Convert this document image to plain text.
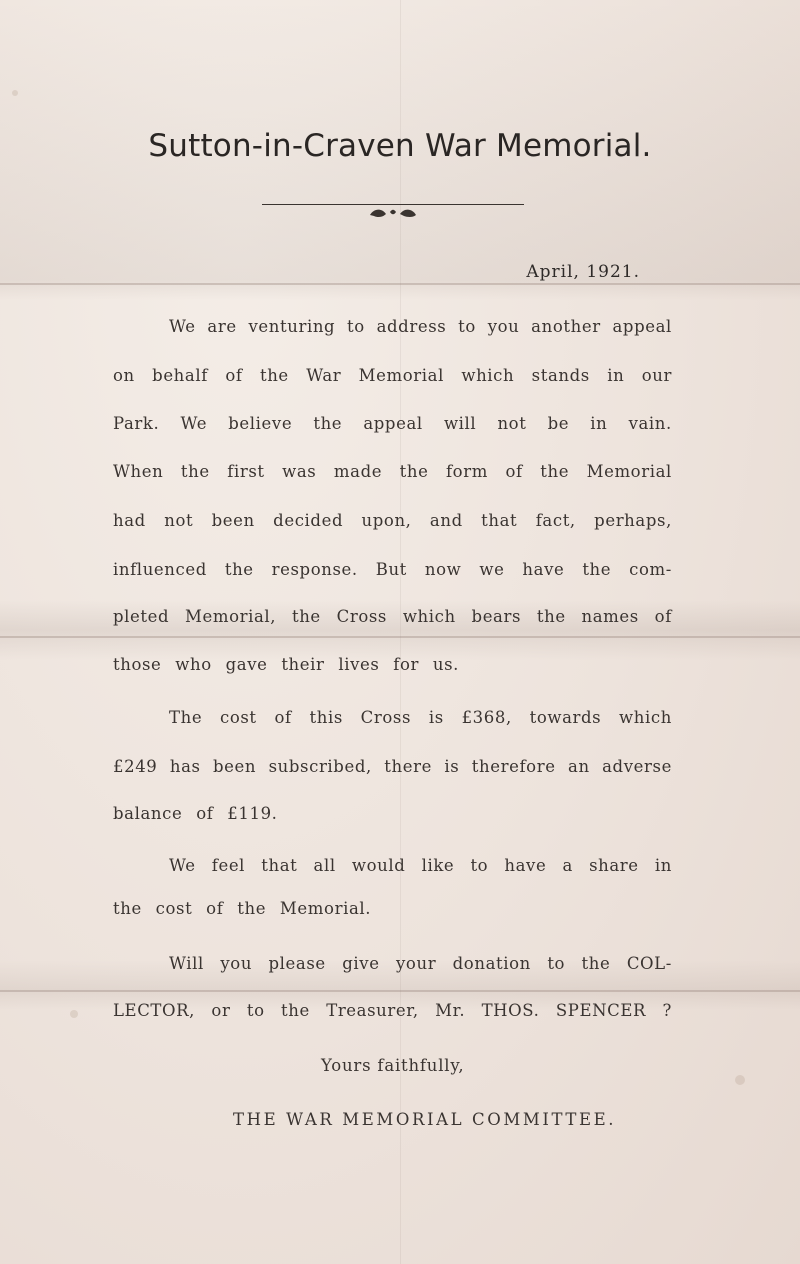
Sutton-in-Craven War Memorial.
April, 1921.
We are venturing to address to you another appeal
on behalf of the War Memorial which stands in our
Park. We believe the appeal will not be in vain.
When the first was made the form of the Memorial
had not been decided upon, and that fact, perhaps,
influenced the response. But now we have the com-
pleted Memorial, the Cross which bears the names of
those who gave their lives for us.
The cost of this Cross is £368, towards which
£249 has been subscribed, there is therefore an adverse
balance of £119.
We feel that all would like to have a share in
the cost of the Memorial.
Will you please give your donation to the COL-
LECTOR, or to the Treasurer, Mr. THOS. SPENCER ?
Yours faithfully,
THE WAR MEMORIAL COMMITTEE.
